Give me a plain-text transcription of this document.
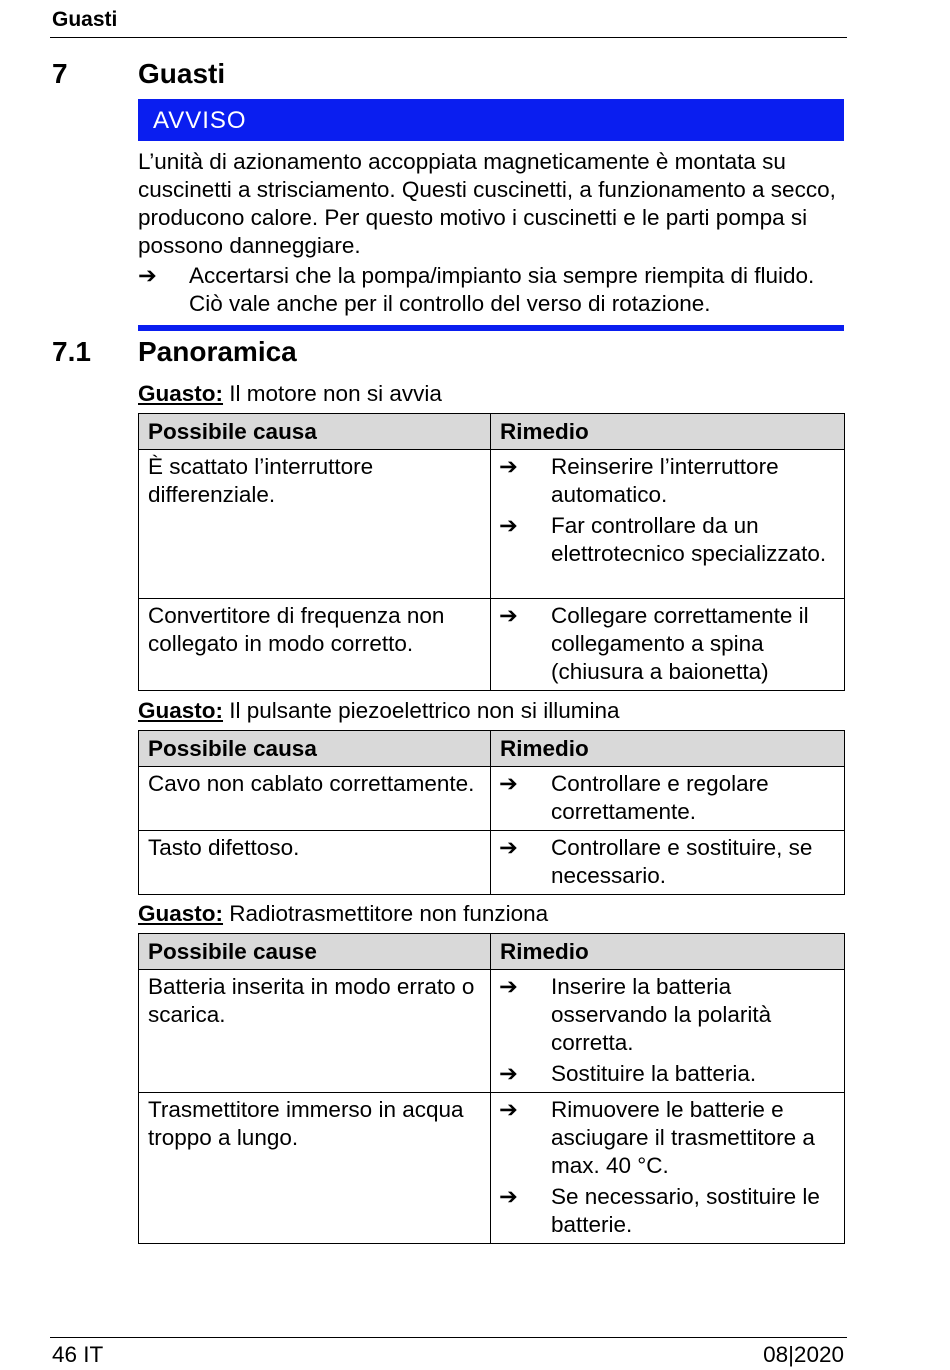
Guasti
7	Guasti
AVVISO
L’unità di azionamento accoppiata magneticamente è montata su cuscinetti a strisciamento. Questi cuscinetti, a funzionamento a secco, producono calore. Per questo motivo i cuscinetti e le parti pompa si possono danneggiare.
➔ Accertarsi che la pompa/impianto sia sempre riempita di fluido. Ciò vale anche per il controllo del verso di rotazione.
7.1 Panoramica
Guasto: Il motore non si avvia
Possibile causa	Rimedio
È scattato l’interruttore differenziale.	➔ Reinserire l’interruttore automatico.
➔ Far controllare da un elettrotecnico specializzato.

Convertitore di frequenza non collegato in modo corretto.	➔ Collegare correttamente il collegamento a spina (chiusura a baionetta)
Guasto: Il pulsante piezoelettrico non si illumina
Possibile causa	Rimedio
Cavo non cablato correttamente.	➔ Controllare e regolare correttamente.

Tasto difettoso.	➔ Controllare e sostituire, se necessario.
Guasto: Radiotrasmettitore non funziona
Possibile cause	Rimedio
Batteria inserita in modo errato o scarica.	➔ Inserire la batteria osservando la polarità corretta.
➔ Sostituire la batteria.

Trasmettitore immerso in acqua troppo a lungo.	➔ Rimuovere le batterie e asciugare il trasmettitore a max. 40 °C.
➔ Se necessario, sostituire le batterie.
46 IT	08|2020
